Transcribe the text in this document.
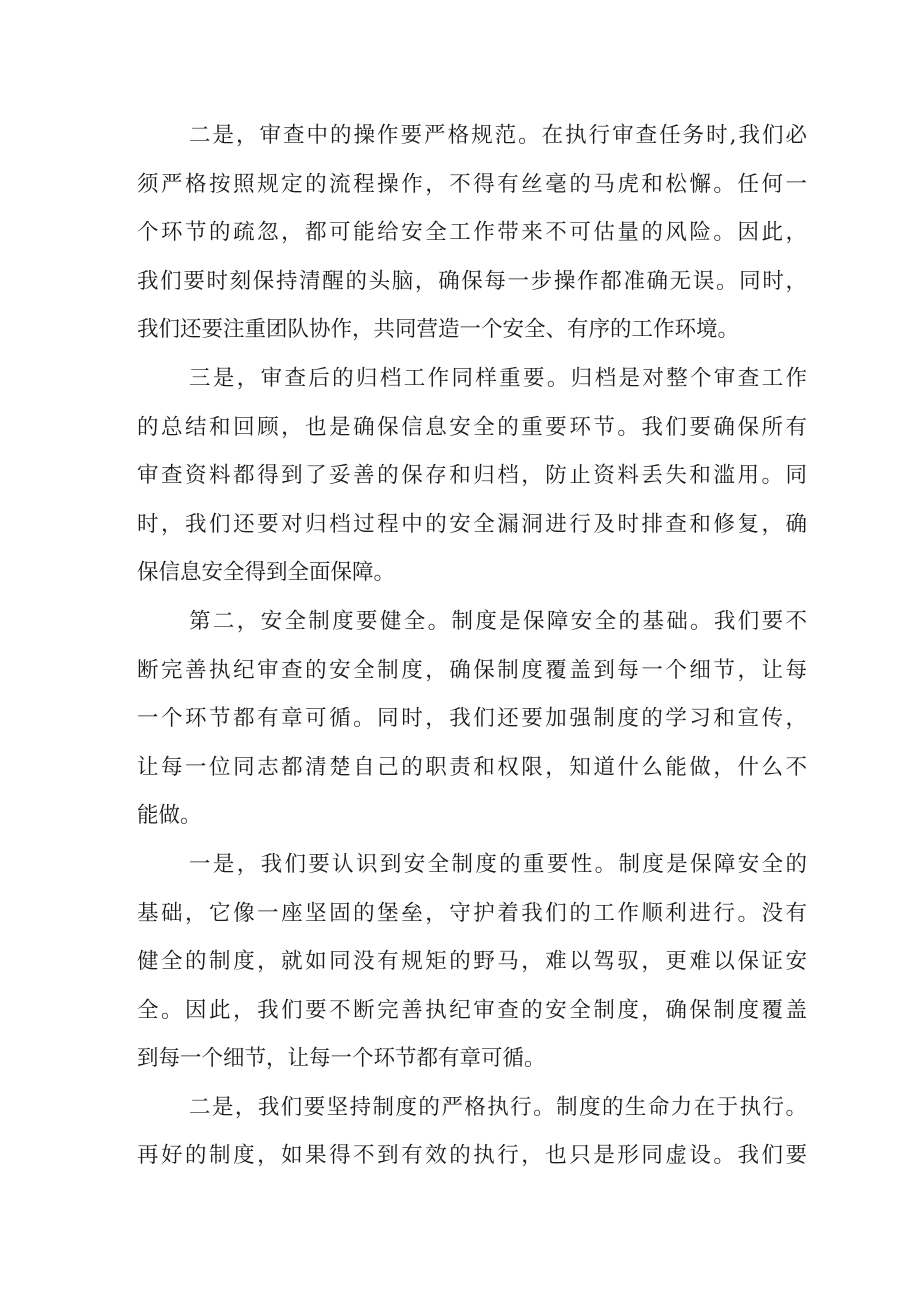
二是，审查中的操作要严格规范。在执行审查任务时,我们必
须严格按照规定的流程操作，不得有丝毫的马虎和松懈。任何一
个环节的疏忽，都可能给安全工作带来不可估量的风险。因此，
我们要时刻保持清醒的头脑，确保每一步操作都准确无误。同时，
我们还要注重团队协作，共同营造一个安全、有序的工作环境。
三是，审查后的归档工作同样重要。归档是对整个审查工作
的总结和回顾，也是确保信息安全的重要环节。我们要确保所有
审查资料都得到了妥善的保存和归档，防止资料丢失和滥用。同
时，我们还要对归档过程中的安全漏洞进行及时排查和修复，确
保信息安全得到全面保障。
第二，安全制度要健全。制度是保障安全的基础。我们要不
断完善执纪审查的安全制度，确保制度覆盖到每一个细节，让每
一个环节都有章可循。同时，我们还要加强制度的学习和宣传，
让每一位同志都清楚自己的职责和权限，知道什么能做，什么不
能做。
一是，我们要认识到安全制度的重要性。制度是保障安全的
基础，它像一座坚固的堡垒，守护着我们的工作顺利进行。没有
健全的制度，就如同没有规矩的野马，难以驾驭，更难以保证安
全。因此，我们要不断完善执纪审查的安全制度，确保制度覆盖
到每一个细节，让每一个环节都有章可循。
二是，我们要坚持制度的严格执行。制度的生命力在于执行。
再好的制度，如果得不到有效的执行，也只是形同虚设。我们要
